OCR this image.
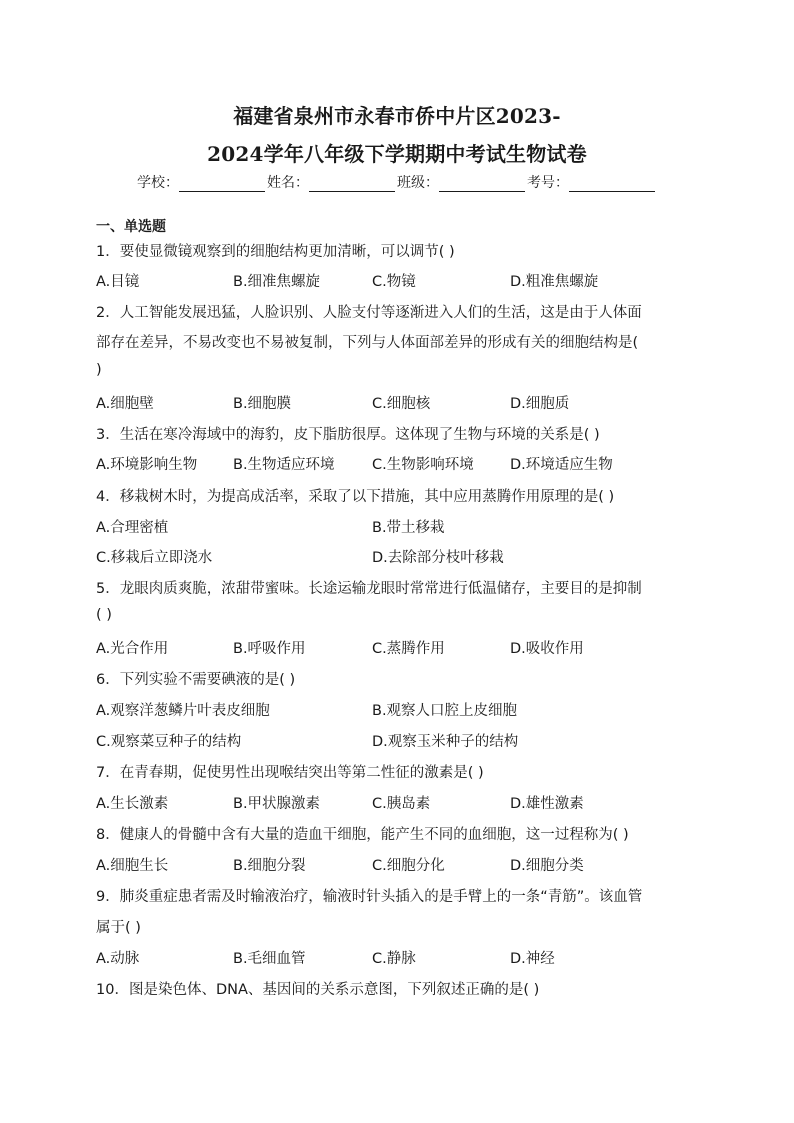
福建省泉州市永春市侨中片区2023-
2024学年八年级下学期期中考试生物试卷
学校：	姓名：	班级：	考号：
一、单选题
1．要使显微镜观察到的细胞结构更加清晰，可以调节( )
A.目镜	B.细准焦螺旋	C.物镜	D.粗准焦螺旋
2．人工智能发展迅猛，人脸识别、人脸支付等逐渐进入人们的生活，这是由于人体面
部存在差异，不易改变也不易被复制，下列与人体面部差异的形成有关的细胞结构是(
)
A.细胞壁	B.细胞膜	C.细胞核	D.细胞质
3．生活在寒冷海域中的海豹，皮下脂肪很厚。这体现了生物与环境的关系是( )
A.环境影响生物 B.生物适应环境	C.生物影响环境	D.环境适应生物
4．移栽树木时，为提高成活率，采取了以下措施，其中应用蒸腾作用原理的是( )
A.合理密植	B.带土移栽
C.移栽后立即浇水	D.去除部分枝叶移栽
5．龙眼肉质爽脆，浓甜带蜜味。长途运输龙眼时常常进行低温储存，主要目的是抑制
( )
A.光合作用	B.呼吸作用	C.蒸腾作用	D.吸收作用
6．下列实验不需要碘液的是( )
A.观察洋葱鳞片叶表皮细胞	B.观察人口腔上皮细胞
C.观察菜豆种子的结构	D.观察玉米种子的结构
7．在青春期，促使男性出现喉结突出等第二性征的激素是( )
A.生长激素	B.甲状腺激素	C.胰岛素	D.雄性激素
8．健康人的骨髓中含有大量的造血干细胞，能产生不同的血细胞，这一过程称为( )
A.细胞生长	B.细胞分裂	C.细胞分化	D.细胞分类
9．肺炎重症患者需及时输液治疗，输液时针头插入的是手臂上的一条“青筋”。该血管
属于( )
A.动脉	B.毛细血管	C.静脉	D.神经
10．图是染色体、DNA、基因间的关系示意图，下列叙述正确的是( )
